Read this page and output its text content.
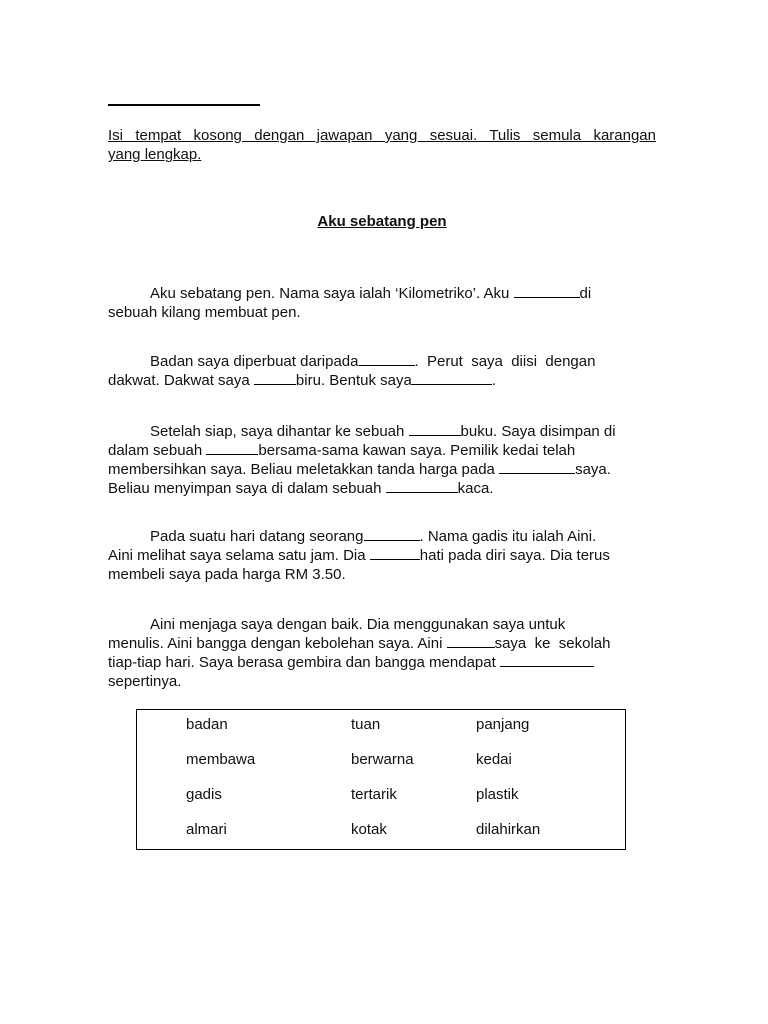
Isi tempat kosong dengan jawapan yang sesuai. Tulis semula karangan
yang lengkap.
Aku sebatang pen
Aku sebatang pen. Nama saya ialah ‘Kilometriko’. Aku	di
sebuah kilang membuat pen.
Badan saya diperbuat daripada	.  Perut  saya  diisi  dengan
dakwat. Dakwat saya	biru. Bentuk saya	.
Setelah siap, saya dihantar ke sebuah	buku. Saya disimpan di
dalam sebuah	bersama-sama kawan saya. Pemilik kedai telah
membersihkan saya. Beliau meletakkan tanda harga pada	saya.
Beliau menyimpan saya di dalam sebuah	kaca.
Pada suatu hari datang seorang	. Nama gadis itu ialah Aini.
Aini melihat saya selama satu jam. Dia	hati pada diri saya. Dia terus
membeli saya pada harga RM 3.50.
Aini menjaga saya dengan baik. Dia menggunakan saya untuk
menulis. Aini bangga dengan kebolehan saya. Aini	saya  ke  sekolah
tiap-tiap hari. Saya berasa gembira dan bangga mendapat
sepertinya.
badan	tuan	panjang
membawa	berwarna	kedai
gadis	tertarik	plastik
almari	kotak	dilahirkan
